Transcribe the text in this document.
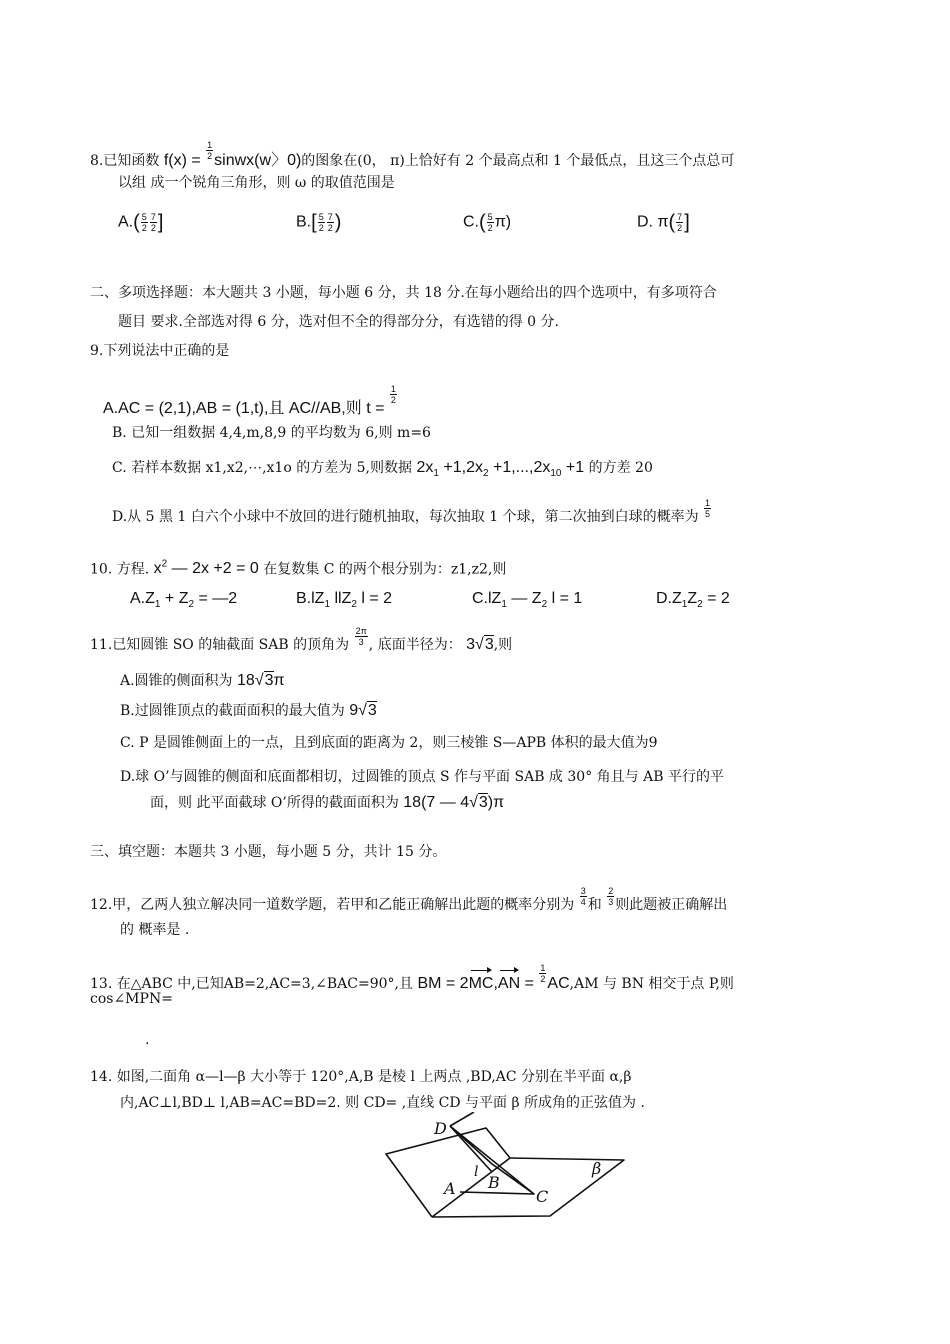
8.已知函数 $f(x) = \frac{1}{2}$ sinwx(w〉0)的图象在(0， π)上恰好有 2 个最高点和 1 个最低点，且这三个点总可
以组 成一个锐角三角形，则 ω 的取值范围是
$A.( \frac{5}{2} \frac{7}{2}$ ]	$B.[ \frac{5}{2} \frac{7}{2}$ )	$C.( \frac{5}{2} \pi)$	D. $\pi( \frac{7}{2}$ ]
二、多项选择题：本大题共 3 小题，每小题 6 分，共 18 分.在每小题给出的四个选项中，有多项符合
题目 要求.全部选对得 6 分，选对但不全的得部分分，有选错的得 0 分.
9.下列说法中正确的是
A.AC = (2,1),AB = (1,t),且 AC//AB,则 t =
$\frac{1}{2}$
B. 已知一组数据 4,4,m,8,9 的平均数为 6,则 m=6
C. 若样本数据 x1,x2,⋯,x1o 的方差为 5,则数据 $2x_1 +1,2x_2 +1,...,2x_{10} +1$ 的方差 20
D.从 5 黑 1 白六个小球中不放回的进行随机抽取，每次抽取 1 个球，第二次抽到白球的概率为 $\frac{1}{5}$
10. 方程. $x^2$ — 2x +2 = 0 在复数集 C 的两个根分别为：z1,z2,则
$A.Z_1 + Z_2$ = —2	$B.lZ_1$ llZ$_2$ l = 2	$C.lZ_1$ — $Z_2$ l = 1	$D.Z_1Z_2 = 2$
11.已知圆锥 SO 的轴截面 SAB 的顶角为 $\frac{2\pi}{3}$ , 底面半径为： 3√3,则
A.圆锥的侧面积为 18√3π
B.过圆锥顶点的截面面积的最大值为 9√3
C. P 是圆锥侧面上的一点，且到底面的距离为 2，则三棱锥 S—APB 体积的最大值为9
D.球 O’与圆锥的侧面和底面都相切，过圆锥的顶点 S 作与平面 SAB 成 30° 角且与 AB 平行的平
面，则 此平面截球 O’所得的截面面积为 18(7 — 4√3)π
三、填空题：本题共 3 小题，每小题 5 分，共计 15 分。
12.甲，乙两人独立解决同一道数学题，若甲和乙能正确解出此题的概率分别为 $\frac{3}{4}$ 和 $\frac{2}{3}$ 则此题被正确解出
的 概率是 .
13. 在△ABC 中,已知AB=2,AC=3,∠BAC=90°,且 BM = $2MC,AN = \frac{1}{2} AC,AM$ 与 BN 相交于点 P,则
cos∠MPN=
.
14. 如图,二面角 α—l—β 大小等于 120°,A,B 是棱 l 上两点 ,BD,AC 分别在半平面 α,β
内,AC⊥l,BD⊥ l,AB=AC=BD=2. 则 CD= ,直线 CD 与平面 β 所成角的正弦值为 .
D
l
A B
C
β
